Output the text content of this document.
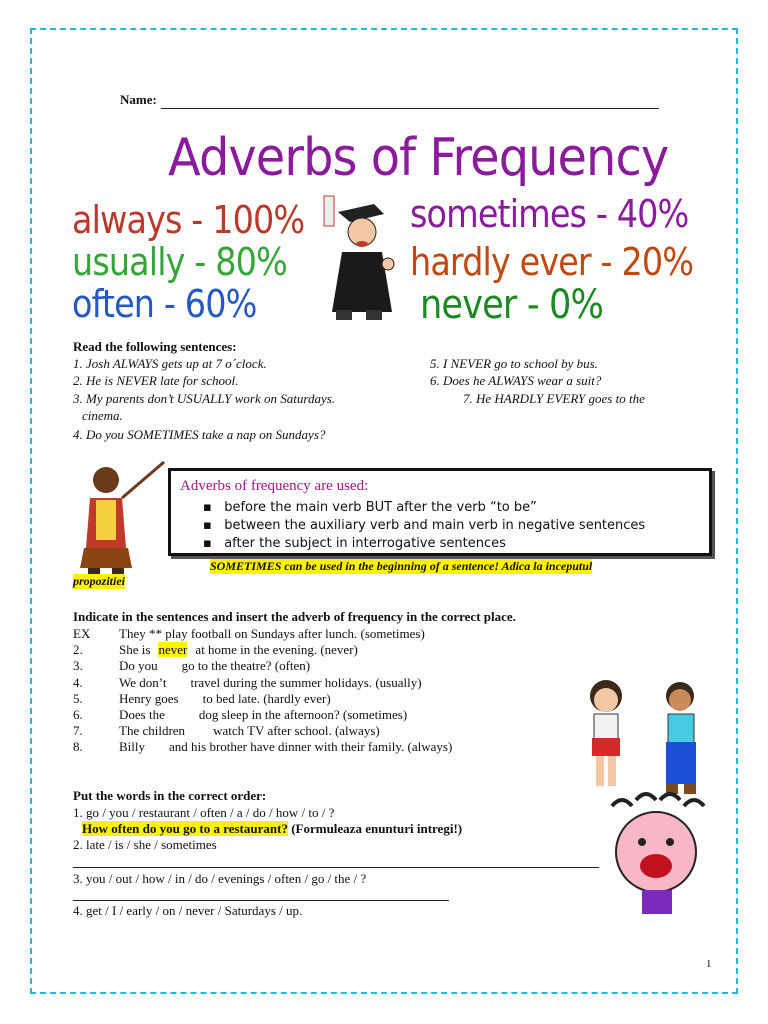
Name:
Adverbs of Frequency
always - 100%
usually - 80%
often - 60%
sometimes - 40%
hardly ever - 20%
never - 0%
Read the following sentences:
1. Josh ALWAYS gets up at 7 o´clock.
2. He is NEVER late for school.
3. My parents don’t USUALLY work on Saturdays.
cinema.
4. Do you SOMETIMES take a nap on Sundays?
5. I NEVER go to school by bus.
6. Does he ALWAYS wear a suit?
7. He HARDLY EVERY goes to the
Adverbs of frequency are used:
▪   before the main verb BUT after the verb “to be”
▪   between the auxiliary verb and main verb in negative sentences
▪   after the subject in interrogative sentences
SOMETIMES can be used in the beginning of a sentence! Adica la inceputul
propozitiei
Indicate in the sentences and insert the adverb of frequency in the correct place.
EX They ** play football on Sundays after lunch. (sometimes)
2.	She is never at home in the evening. (never)
3.	Do you go to the theatre? (often)
4.	We don’t travel during the summer holidays. (usually)
5.	Henry goes to bed late. (hardly ever)
6.	Does the	dog sleep in the afternoon? (sometimes)
7.	The children watch TV after school. (always)
8.	Billy and his brother have dinner with their family. (always)
Put the words in the correct order:
1. go / you / restaurant / often / a / do / how / to / ?
How often do you go to a restaurant? (Formuleaza enunturi intregi!)
2. late / is / she / sometimes
3. you / out / how / in / do / evenings / often / go / the / ?
4. get / I / early / on / never / Saturdays / up.
1
